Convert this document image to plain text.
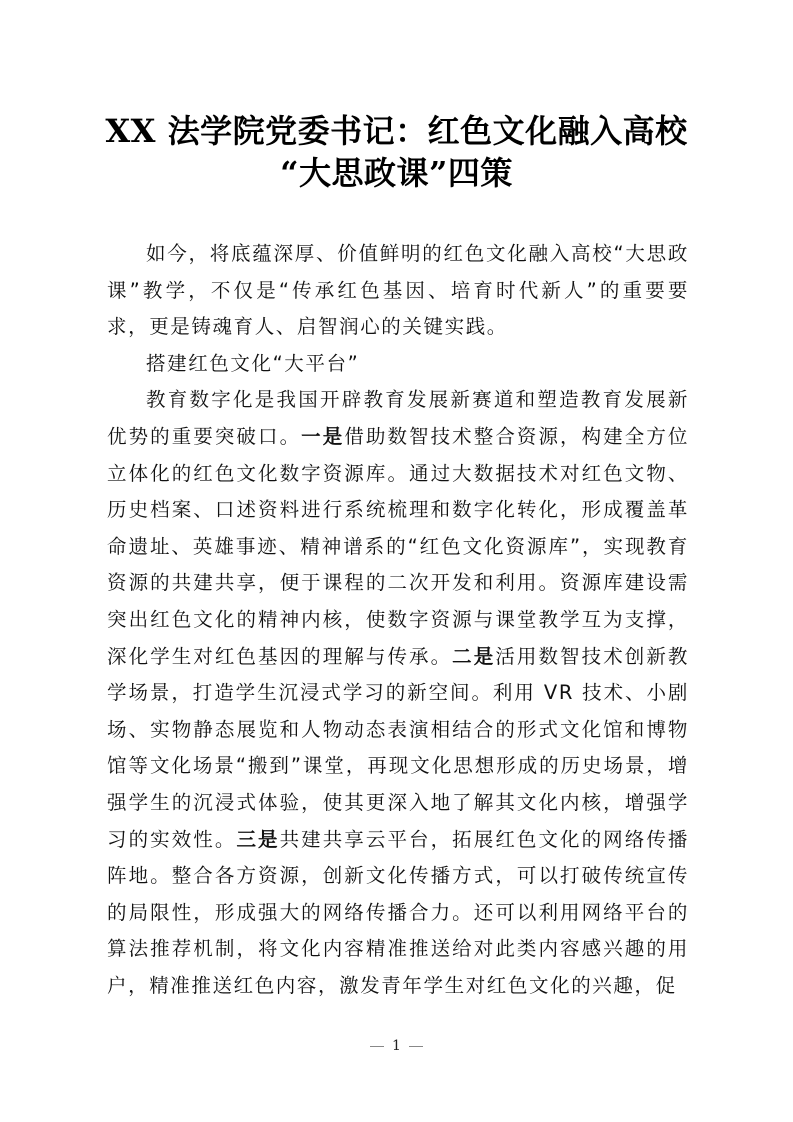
XX 法学院党委书记：红色文化融入高校
“大思政课”四策

如今，将底蕴深厚、价值鲜明的红色文化融入高校“大思政课”教学，不仅是“传承红色基因、培育时代新人”的重要要求，更是铸魂育人、启智润心的关键实践。

搭建红色文化“大平台”

教育数字化是我国开辟教育发展新赛道和塑造教育发展新优势的重要突破口。一是借助数智技术整合资源，构建全方位立体化的红色文化数字资源库。通过大数据技术对红色文物、历史档案、口述资料进行系统梳理和数字化转化，形成覆盖革命遗址、英雄事迹、精神谱系的“红色文化资源库”，实现教育资源的共建共享，便于课程的二次开发和利用。资源库建设需突出红色文化的精神内核，使数字资源与课堂教学互为支撑，深化学生对红色基因的理解与传承。二是活用数智技术创新教学场景，打造学生沉浸式学习的新空间。利用 VR 技术、小剧场、实物静态展览和人物动态表演相结合的形式文化馆和博物馆等文化场景“搬到”课堂，再现文化思想形成的历史场景，增强学生的沉浸式体验，使其更深入地了解其文化内核，增强学习的实效性。三是共建共享云平台，拓展红色文化的网络传播阵地。整合各方资源，创新文化传播方式，可以打破传统宣传的局限性，形成强大的网络传播合力。还可以利用网络平台的算法推荐机制，将文化内容精准推送给对此类内容感兴趣的用户，精准推送红色内容，激发青年学生对红色文化的兴趣，促

1
